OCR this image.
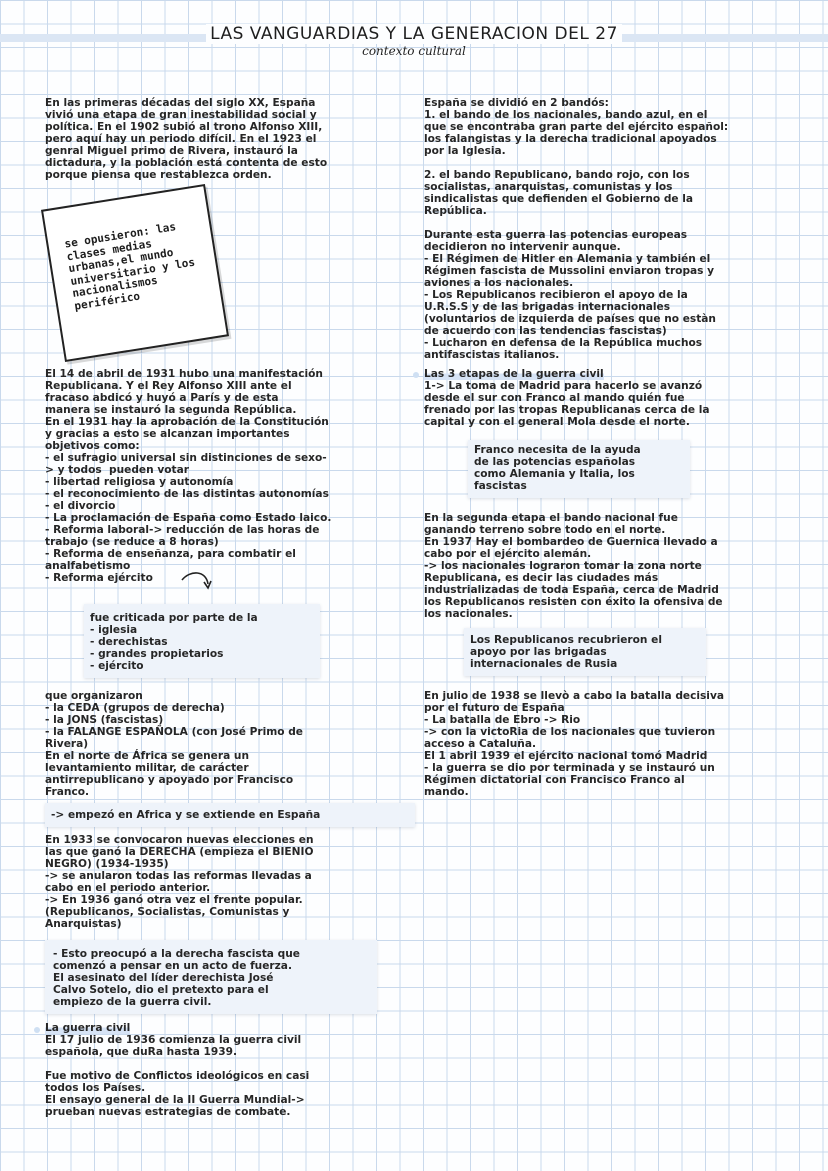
LAS VANGUARDIAS Y LA GENERACION DEL 27
contexto cultural

En las primeras décadas del siglo XX, España
vivió una etapa de gran inestabilidad social y
política. En el 1902 subió al trono Alfonso XIII,
pero aquí hay un periodo difícil. En el 1923 el
genral Miguel primo de Rivera, instauró la
dictadura, y la población está contenta de esto
porque piensa que restablezca orden.

se opusieron: las
clases medias
urbanas,el mundo
universitario y los
nacionalismos
periférico

El 14 de abril de 1931 hubo una manifestación
Republicana. Y el Rey Alfonso XIII ante el
fracaso abdicó y huyó a París y de esta
manera se instauró la segunda República.
En el 1931 hay la aprobación de la Constitución
y gracias a esto se alcanzan importantes
objetivos como:
- el sufragio universal sin distinciones de sexo-
> y todos  pueden votar
- libertad religiosa y autonomía
- el reconocimiento de las distintas autonomías
- el divorcio
- La proclamación de España como Estado laico.
- Reforma laboral-> reducción de las horas de
trabajo (se reduce a 8 horas)
- Reforma de enseñanza, para combatir el
analfabetismo
- Reforma ejército

fue criticada por parte de la
- iglesia
- derechistas
- grandes propietarios
- ejército

que organizaron
- la CEDA (grupos de derecha)
- la JONS (fascistas)
- la FALANGE ESPAÑOLA (con José Primo de
Rivera)
En el norte de África se genera un
levantamiento militar, de carácter
antirrepublicano y apoyado por Francisco
Franco.

-> empezó en Africa y se extiende en España

En 1933 se convocaron nuevas elecciones en
las que ganó la DERECHA (empieza el BIENIO
NEGRO) (1934-1935)
-> se anularon todas las reformas llevadas a
cabo en el periodo anterior.
-> En 1936 ganó otra vez el frente popular.
(Republicanos, Socialistas, Comunistas y
Anarquistas)

- Esto preocupó a la derecha fascista que
comenzó a pensar en un acto de fuerza.
El asesinato del líder derechista José
Calvo Sotelo, dio el pretexto para el
empiezo de la guerra civil.

La guerra civil

El 17 julio de 1936 comienza la guerra civil
española, que duRa hasta 1939.

Fue motivo de Conflictos ideológicos en casi
todos los Países.
El ensayo general de la II Guerra Mundial->
prueban nuevas estrategias de combate.

España se dividió en 2 bandós:
1. el bando de los nacionales, bando azul, en el
que se encontraba gran parte del ejército español:
los falangistas y la derecha tradicional apoyados
por la Iglesia.

2. el bando Republicano, bando rojo, con los
socialistas, anarquistas, comunistas y los
sindicalistas que defienden el Gobierno de la
República.

Durante esta guerra las potencias europeas
decidieron no intervenir aunque.
- El Régimen de Hitler en Alemania y también el
Régimen fascista de Mussolini enviaron tropas y
aviones a los nacionales.
- Los Republicanos recibieron el apoyo de la
U.R.S.S y de las brigadas internacionales
(voluntarios de izquierda de países que no estàn
de acuerdo con las tendencias fascistas)
- Lucharon en defensa de la República muchos
antifascistas italianos.

Las 3 etapas de la guerra civil

1-> La toma de Madrid para hacerlo se avanzó
desde el sur con Franco al mando quién fue
frenado por las tropas Republicanas cerca de la
capital y con el general Mola desde el norte.

Franco necesita de la ayuda
de las potencias españolas
como Alemania y Italia, los
fascistas

En la segunda etapa el bando nacional fue
ganando terreno sobre todo en el norte.
En 1937 Hay el bombardeo de Guernica llevado a
cabo por el ejército alemán.
-> los nacionales lograron tomar la zona norte
Republicana, es decir las ciudades más
industrializadas de toda España, cerca de Madrid
los Republicanos resisten con éxito la ofensiva de
los nacionales.

Los Republicanos recubrieron el
apoyo por las brigadas
internacionales de Rusia

En julio de 1938 se llevò a cabo la batalla decisiva
por el futuro de España
- La batalla de Ebro -> Rio
-> con la victoRia de los nacionales que tuvieron
acceso a Cataluña.
El 1 abril 1939 el ejército nacional tomó Madrid
- la guerra se dio por terminada y se instauró un
Régimen dictatorial con Francisco Franco al
mando.
